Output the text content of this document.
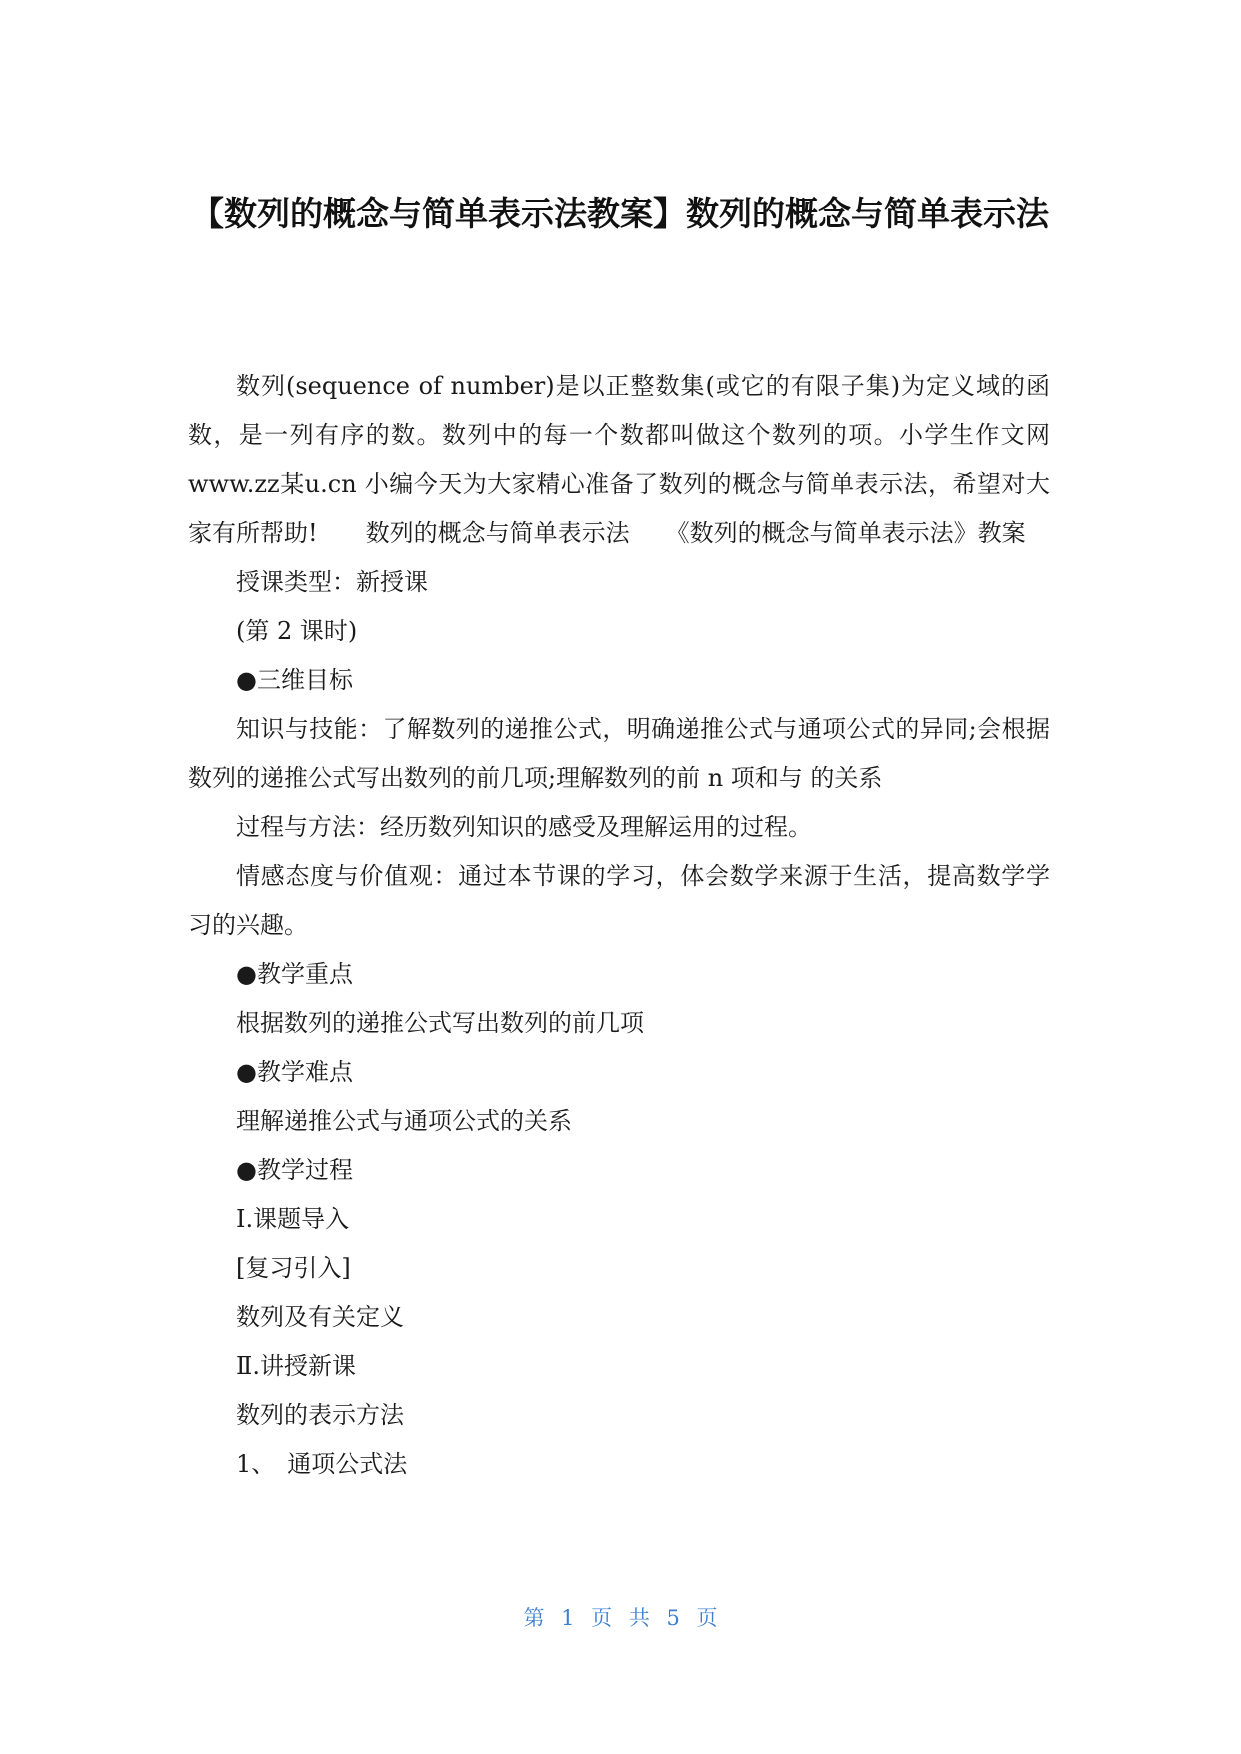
【数列的概念与简单表示法教案】数列的概念与简单表示法

数列(sequence of number)是以正整数集(或它的有限子集)为定义域的函数，是一列有序的数。数列中的每一个数都叫做这个数列的项。小学生作文网www.zz某u.cn 小编今天为大家精心准备了数列的概念与简单表示法，希望对大家有所帮助!　　数列的概念与简单表示法　　《数列的概念与简单表示法》教案

授课类型：新授课

(第 2 课时)

●三维目标

知识与技能：了解数列的递推公式，明确递推公式与通项公式的异同;会根据数列的递推公式写出数列的前几项;理解数列的前 n 项和与 的关系

过程与方法：经历数列知识的感受及理解运用的过程。

情感态度与价值观：通过本节课的学习，体会数学来源于生活，提高数学学习的兴趣。

●教学重点

根据数列的递推公式写出数列的前几项

●教学难点

理解递推公式与通项公式的关系

●教学过程

Ⅰ.课题导入

[复习引入]

数列及有关定义

Ⅱ.讲授新课

数列的表示方法

1、　通项公式法

第 1 页 共 5 页
